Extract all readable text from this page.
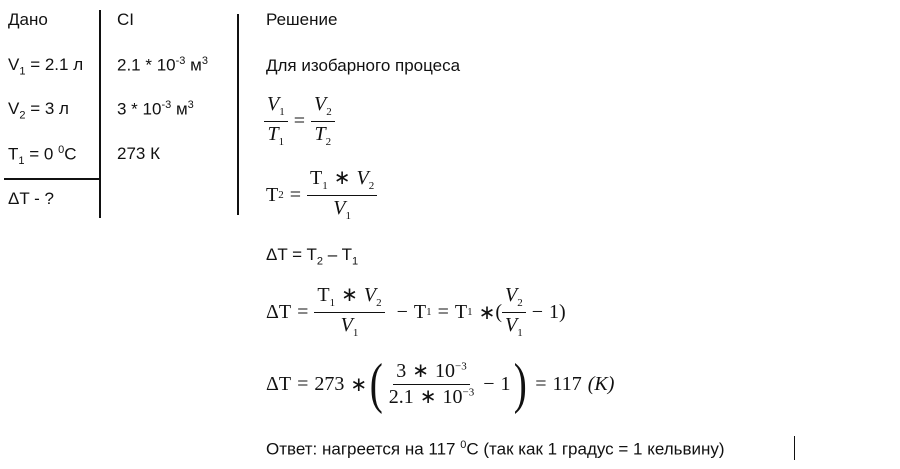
Дано
$V_1 = 2.1$ л
$V_2 = 3$ л
$T_1 = 0$ $^0$C
ΔT - ?
CI
$2.1 * 10^{-3}$ $м^3$
$3 * 10^{-3}$ $м^3$
273 К
Решение
Для изобарного процеса
$\frac{V_1}{T_1} = \frac{V_2}{T_2}$
T $2 = \frac{T_1 ∗ V_2}{V_1}$
$\Delta T = T_2 - T_1$
$\Delta T = \frac{T_1 ∗ V_2}{V_1} - T$ 1 = T 1 ∗ ( $\frac{V_2}{V_1} - 1$ )
ΔT = 273 ∗ ( $\frac{3 ∗ 10^{-3}}{2.1 ∗ 10^{-3}} - 1$ ) = 117 (K)
Ответ: нагреется на 117 $^0$С (так как 1 градус = 1 кельвину)
